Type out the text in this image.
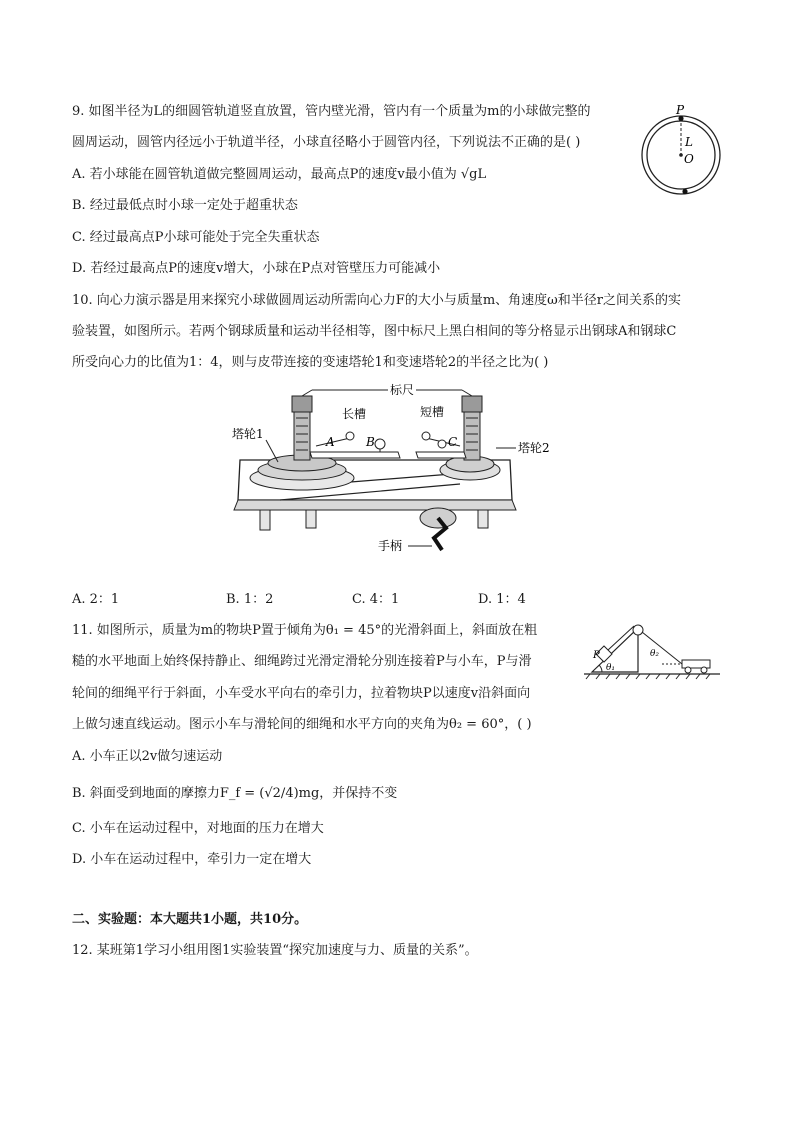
9. 如图半径为L的细圆管轨道竖直放置，管内壁光滑，管内有一个质量为m的小球做完整的
圆周运动，圆管内径远小于轨道半径，小球直径略小于圆管内径，下列说法不正确的是( )
A. 若小球能在圆管轨道做完整圆周运动，最高点P的速度v最小值为 √gL
B. 经过最低点时小球一定处于超重状态
C. 经过最高点P小球可能处于完全失重状态
D. 若经过最高点P的速度v增大，小球在P点对管壁压力可能减小
P
L
O
10. 向心力演示器是用来探究小球做圆周运动所需向心力F的大小与质量m、角速度ω和半径r之间关系的实
验装置，如图所示。若两个钢球质量和运动半径相等，图中标尺上黑白相间的等分格显示出钢球A和钢球C
所受向心力的比值为1：4，则与皮带连接的变速塔轮1和变速塔轮2的半径之比为( )
标尺
长槽	短槽
塔轮1
塔轮2
手柄
A	B	C
A. 2：1	B. 1：2	C. 4：1	D. 1：4
11. 如图所示，质量为m的物块P置于倾角为θ₁ = 45°的光滑斜面上，斜面放在粗
糙的水平地面上始终保持静止、细绳跨过光滑定滑轮分别连接着P与小车，P与滑
轮间的细绳平行于斜面，小车受水平向右的牵引力，拉着物块P以速度v沿斜面向
上做匀速直线运动。图示小车与滑轮间的细绳和水平方向的夹角为θ₂ = 60°，( )
A. 小车正以2v做匀速运动
B. 斜面受到地面的摩擦力F_f = (√2/4)mg，并保持不变
C. 小车在运动过程中，对地面的压力在增大
D. 小车在运动过程中，牵引力一定在增大
P
θ₁
θ₂
二、实验题：本大题共1小题，共10分。
12. 某班第1学习小组用图1实验装置“探究加速度与力、质量的关系”。
